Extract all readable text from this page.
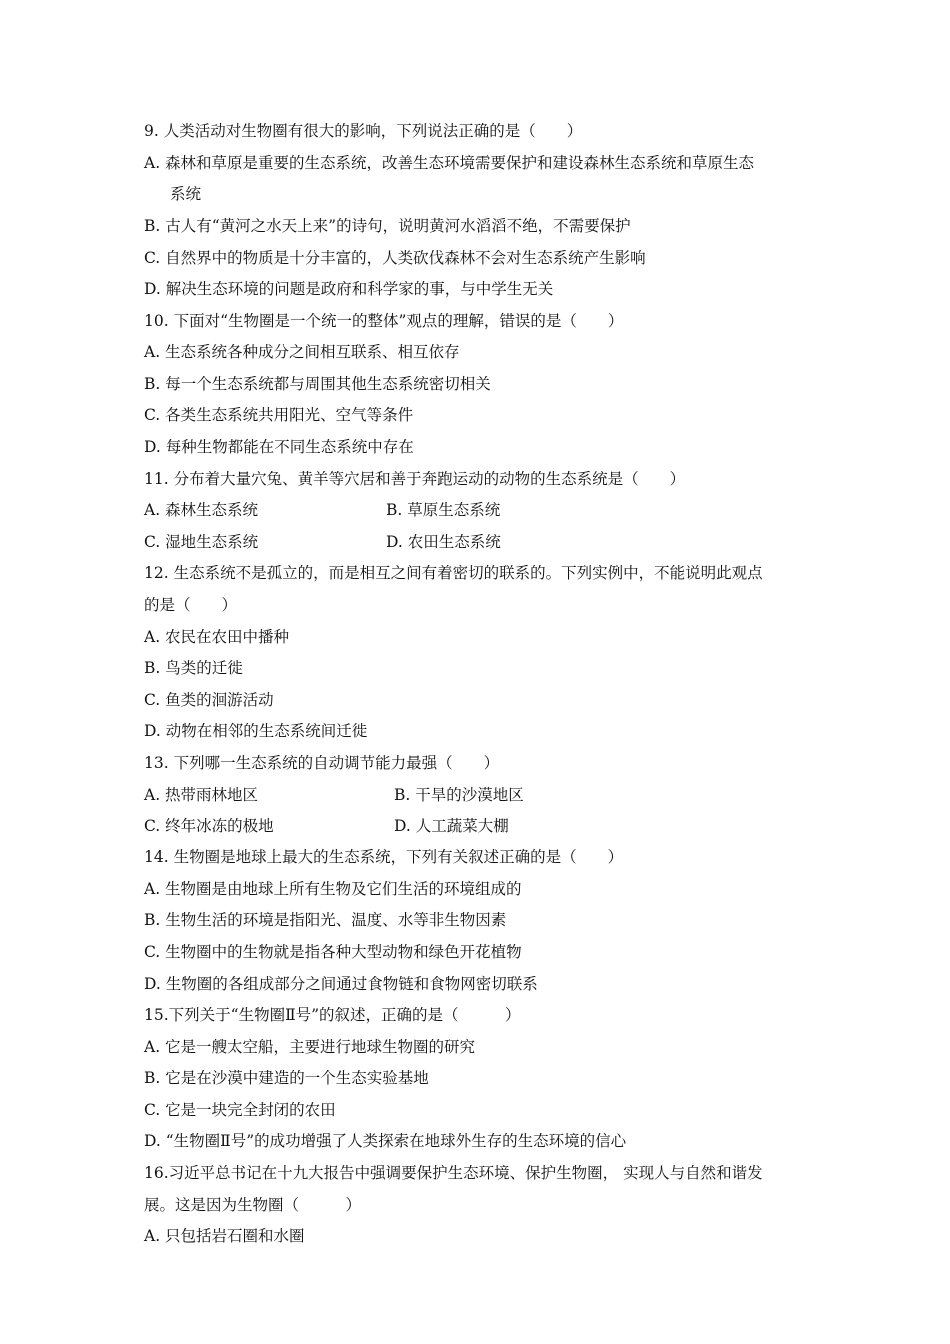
9. 人类活动对生物圈有很大的影响，下列说法正确的是（　　）
A. 森林和草原是重要的生态系统，改善生态环境需要保护和建设森林生态系统和草原生态
系统
B. 古人有“黄河之水天上来”的诗句，说明黄河水滔滔不绝，不需要保护
C. 自然界中的物质是十分丰富的，人类砍伐森林不会对生态系统产生影响
D. 解决生态环境的问题是政府和科学家的事，与中学生无关
10. 下面对“生物圈是一个统一的整体”观点的理解，错误的是（　　）
A. 生态系统各种成分之间相互联系、相互依存
B. 每一个生态系统都与周围其他生态系统密切相关
C. 各类生态系统共用阳光、空气等条件
D. 每种生物都能在不同生态系统中存在
11. 分布着大量穴兔、黄羊等穴居和善于奔跑运动的动物的生态系统是（　　）
A. 森林生态系统	B. 草原生态系统
C. 湿地生态系统	D. 农田生态系统
12. 生态系统不是孤立的，而是相互之间有着密切的联系的。下列实例中，不能说明此观点
的是（　　）
A. 农民在农田中播种
B. 鸟类的迁徙
C. 鱼类的洄游活动
D. 动物在相邻的生态系统间迁徙
13. 下列哪一生态系统的自动调节能力最强（　　）
A. 热带雨林地区	B. 干旱的沙漠地区
C. 终年冰冻的极地	D. 人工蔬菜大棚
14. 生物圈是地球上最大的生态系统，下列有关叙述正确的是（　　）
A. 生物圈是由地球上所有生物及它们生活的环境组成的
B. 生物生活的环境是指阳光、温度、水等非生物因素
C. 生物圈中的生物就是指各种大型动物和绿色开花植物
D. 生物圈的各组成部分之间通过食物链和食物网密切联系
15.下列关于“生物圈Ⅱ号”的叙述，正确的是（　　　）
A. 它是一艘太空船，主要进行地球生物圈的研究
B. 它是在沙漠中建造的一个生态实验基地
C. 它是一块完全封闭的农田
D. “生物圈Ⅱ号”的成功增强了人类探索在地球外生存的生态环境的信心
16.习近平总书记在十九大报告中强调要保护生态环境、保护生物圈， 实现人与自然和谐发
展。这是因为生物圈（　　　）
A. 只包括岩石圈和水圈
